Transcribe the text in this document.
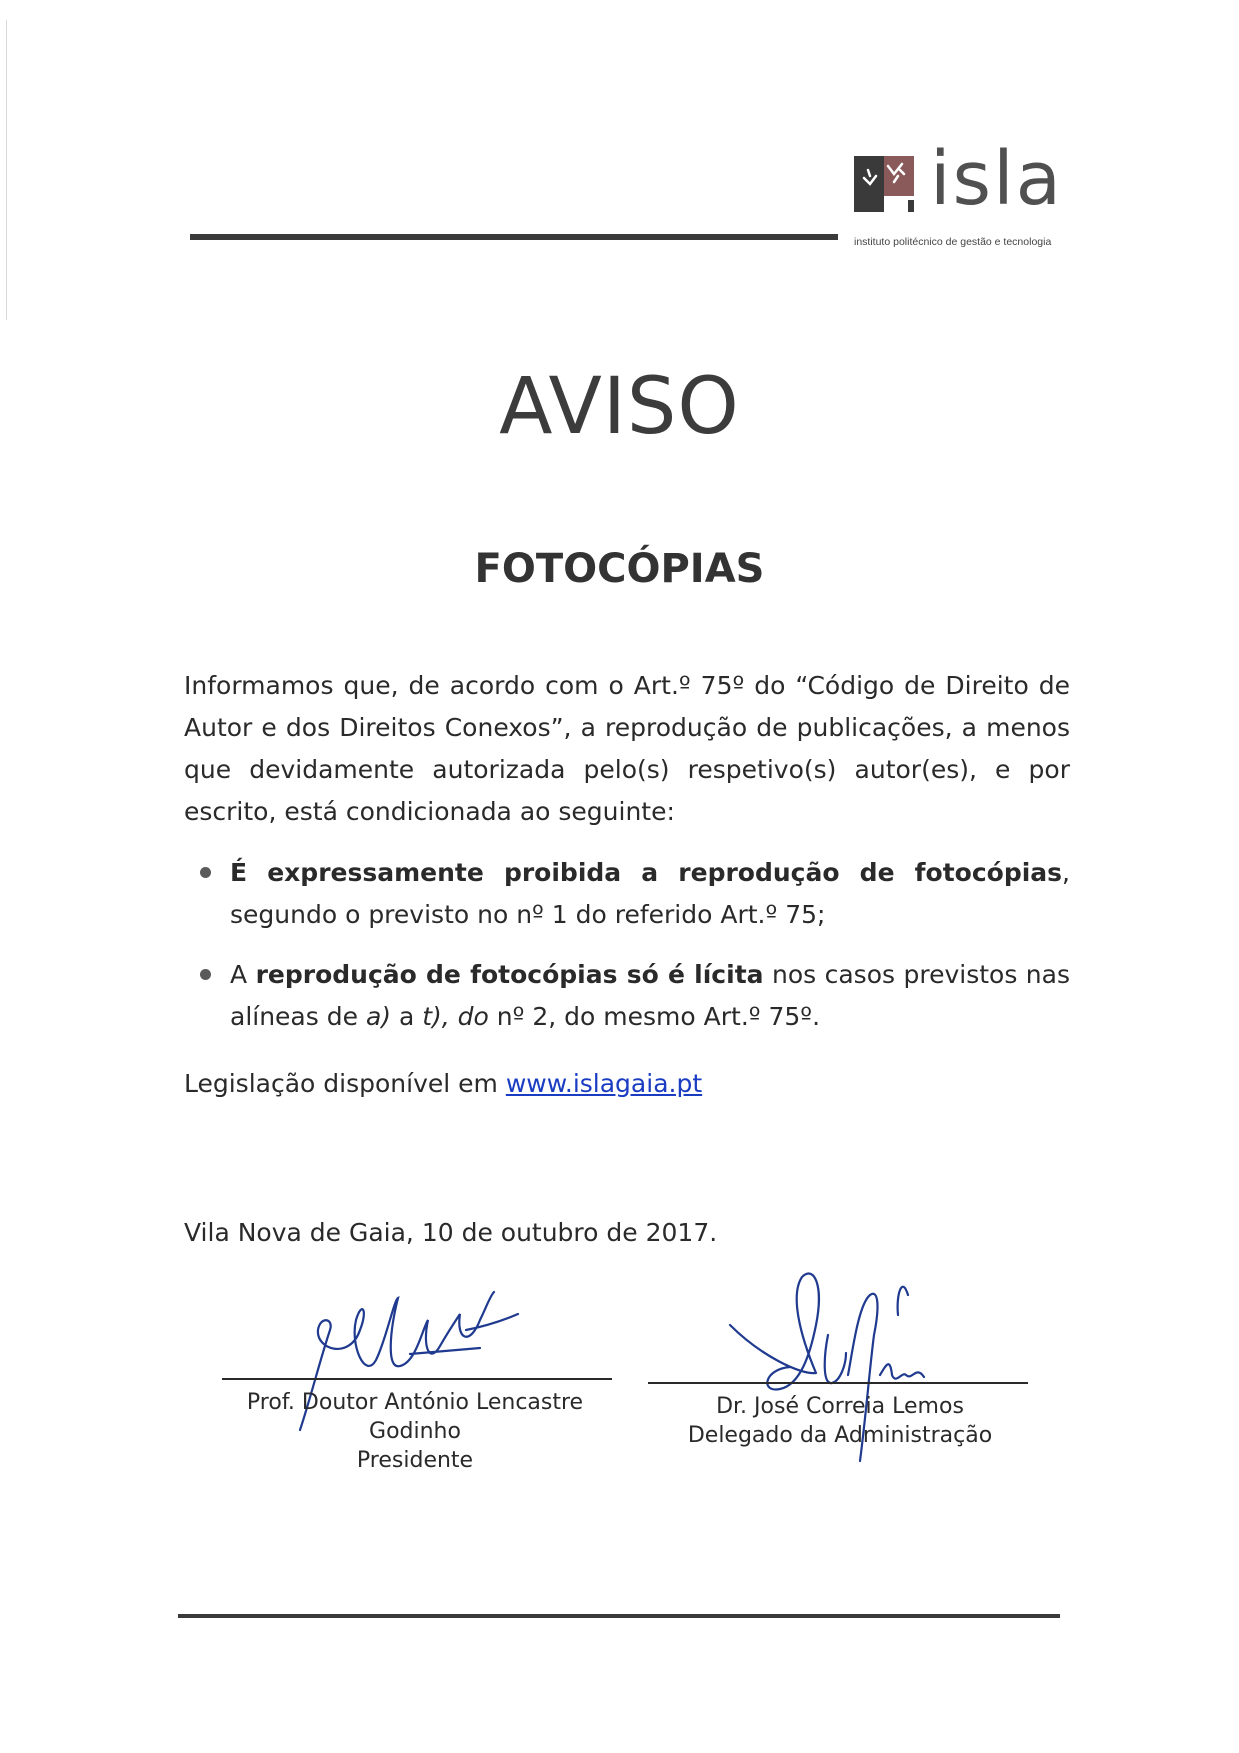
isla
instituto politécnico de gestão e tecnologia
AVISO
FOTOCÓPIAS

Informamos que, de acordo com o Art.º 75º do “Código de Direito de Autor e dos Direitos Conexos”, a reprodução de publicações, a menos que devidamente autorizada pelo(s) respetivo(s) autor(es), e por escrito, está condicionada ao seguinte:

É expressamente proibida a reprodução de fotocópias, segundo o previsto no nº 1 do referido Art.º 75;
A reprodução de fotocópias só é lícita nos casos previstos nas alíneas de a) a t), do nº 2, do mesmo Art.º 75º.

Legislação disponível em www.islagaia.pt

Vila Nova de Gaia, 10 de outubro de 2017.

Prof. Doutor António Lencastre Godinho
Presidente
Dr. José Correia Lemos
Delegado da Administração
